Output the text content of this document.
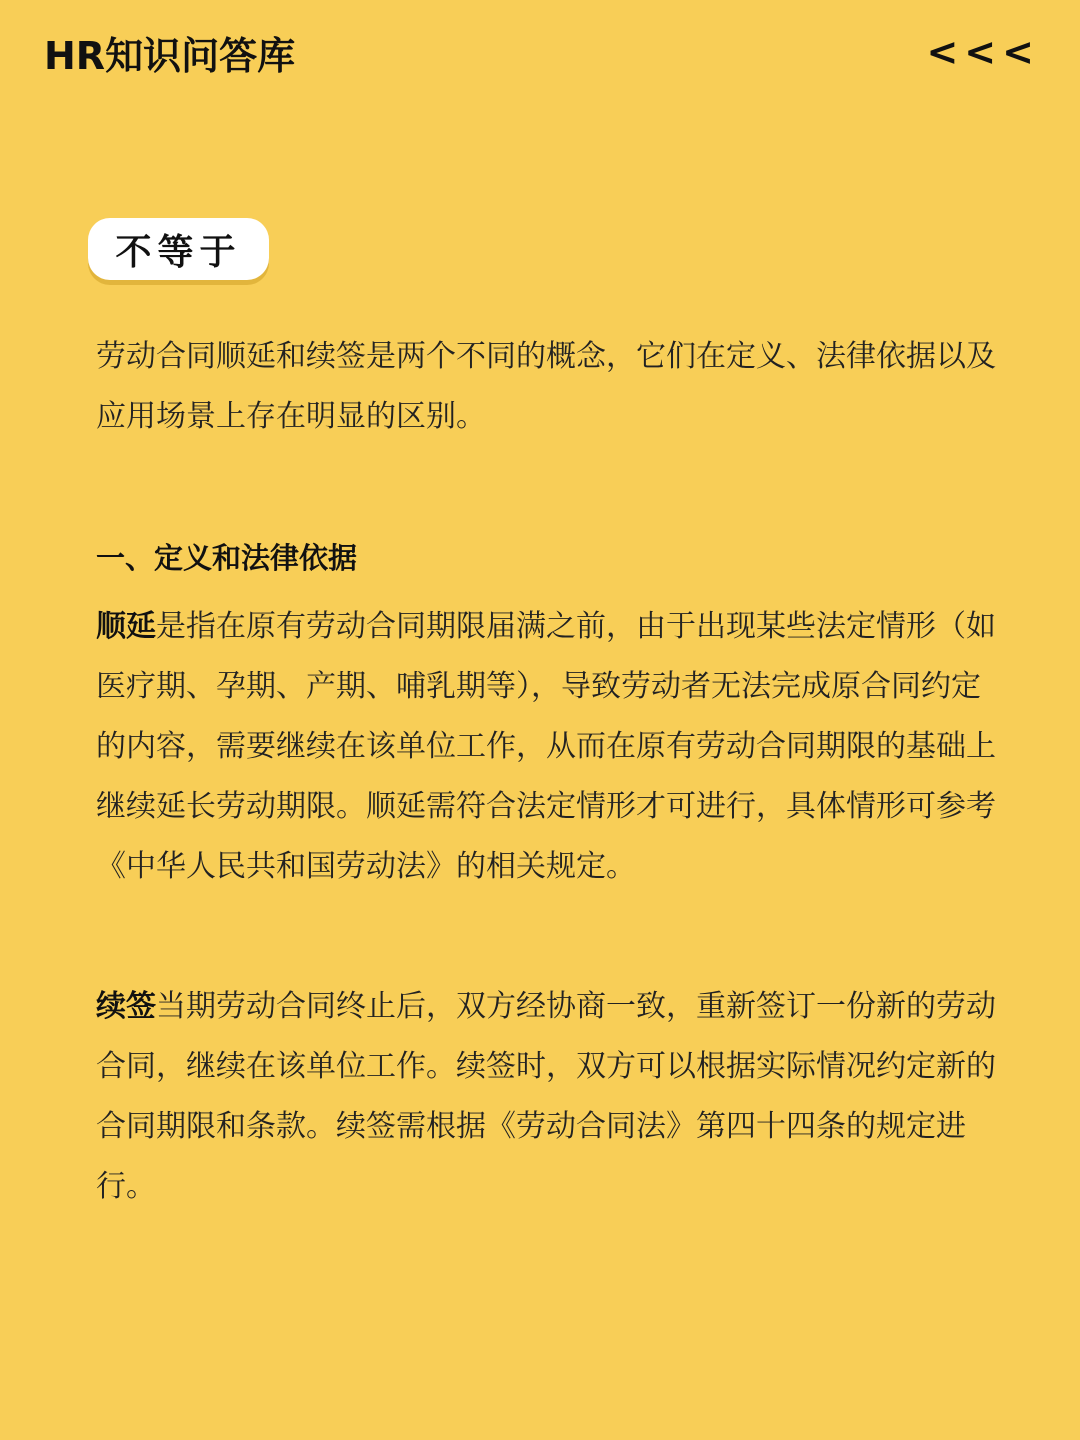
HR知识问答库	<<<
不等于

劳动合同顺延和续签是两个不同的概念，它们在定义、法律依据以及应用场景上存在明显的区别。

一、定义和法律依据

顺延是指在原有劳动合同期限届满之前，由于出现某些法定情形（如医疗期、孕期、产期、哺乳期等），导致劳动者无法完成原合同约定的内容，需要继续在该单位工作，从而在原有劳动合同期限的基础上继续延长劳动期限。顺延需符合法定情形才可进行，具体情形可参考《中华人民共和国劳动法》的相关规定。

续签当期劳动合同终止后，双方经协商一致，重新签订一份新的劳动合同，继续在该单位工作。续签时，双方可以根据实际情况约定新的合同期限和条款。续签需根据《劳动合同法》第四十四条的规定进行。
